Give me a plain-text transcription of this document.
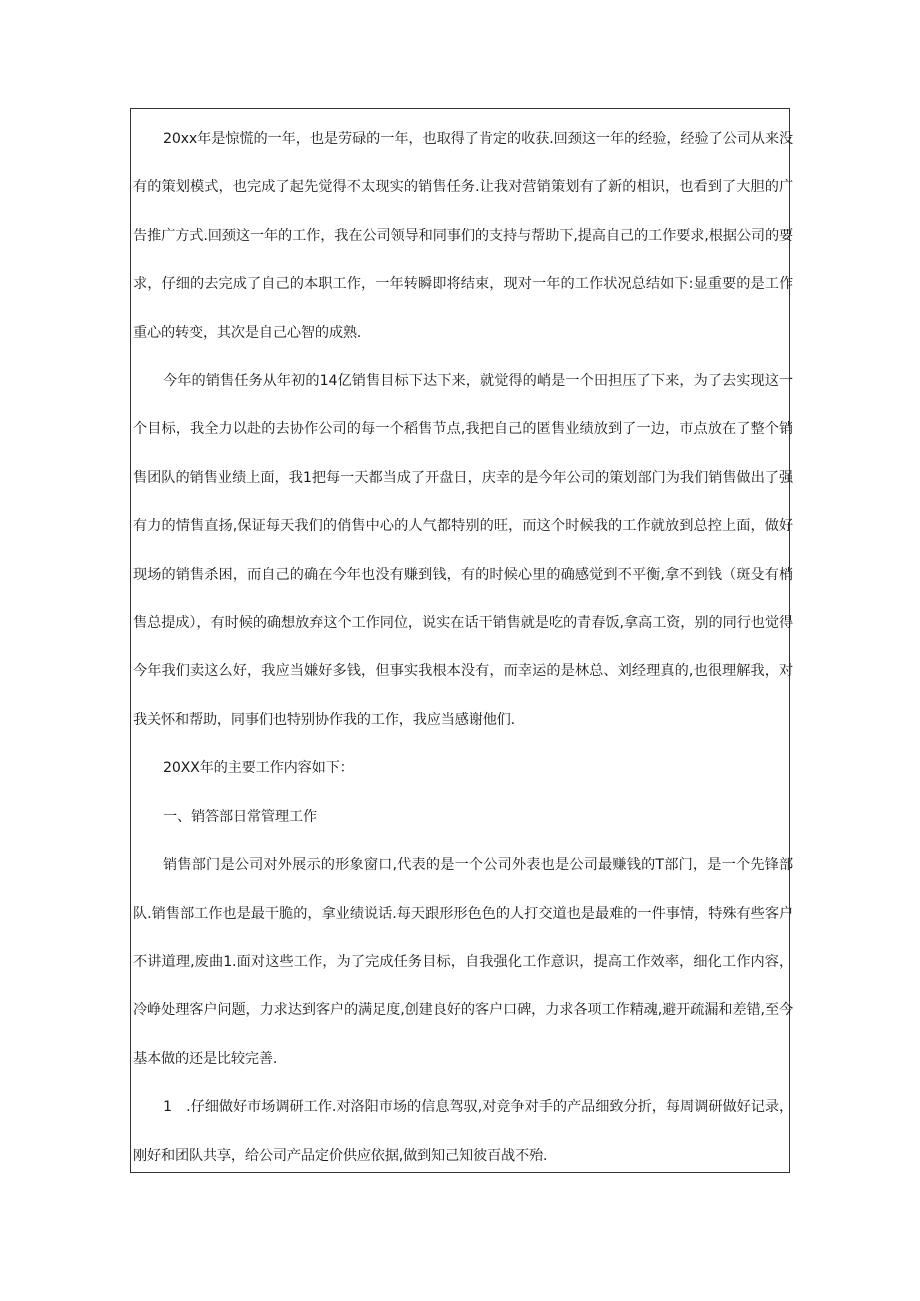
20xx年是惊慌的一年，也是劳碌的一年，也取得了肯定的收获.回颈这一年的经验，经验了公司从来没有的策划模式，也完成了起先觉得不太现实的销售任务.让我对营销策划有了新的相识，也看到了大胆的广告推广方式.回颈这一年的工作，我在公司领导和同事们的支持与帮助下,提高自己的工作要求,根据公司的要求，仔细的去完成了自己的本职工作，一年转瞬即将结束，现对一年的工作状况总结如下:显重要的是工作重心的转变，其次是自己心智的成熟.

今年的销售任务从年初的14亿销售目标下达下来，就觉得的峭是一个田担压了下来，为了去实现这一个目标，我全力以赴的去协作公司的每一个稻售节点,我把自己的匿售业绩放到了一边，市点放在了整个销售团队的销售业绩上面，我1把每一天都当成了开盘日，庆幸的是今年公司的策划部门为我们销售做出了强有力的情售直扬,保证每天我们的俏售中心的人气都特别的旺，而这个时候我的工作就放到总控上面，做好现场的销售杀困，而自己的确在今年也没有赚到钱，有的时候心里的确感觉到不平衡,拿不到钱（斑殳有梢售总提成），有时候的确想放弃这个工作同位，说实在话干销售就是吃的青春饭,拿高工资，别的同行也觉得今年我们卖这么好，我应当嫌好多钱，但事实我根本没有，而幸运的是林总、刘经理真的,也很理解我，对我关怀和帮助，同事们也特别协作我的工作，我应当感谢他们.

20XX年的主要工作内容如下：

一、销答部日常管理工作

销售部门是公司对外展示的形象窗口,代表的是一个公司外表也是公司最赚钱的T部门，是一个先锋部队.销售部工作也是最干脆的，拿业绩说话.每天跟形形色色的人打交道也是最难的一件事情，特殊有些客户不讲道理,废曲1.面对这些工作，为了完成任务目标，自我强化工作意识，提高工作效率，细化工作内容，冷峥处理客户问题，力求达到客户的满足度,创建良好的客户口碑，力求各项工作精魂,避开疏漏和差错,至今基本做的还是比较完善.

1　.仔细做好市场调研工作.对洛阳市场的信息驾驭,对竞争对手的产品细致分折，每周调研做好记录，刚好和团队共享，给公司产品定价供应依据,做到知己知彼百战不殆.
